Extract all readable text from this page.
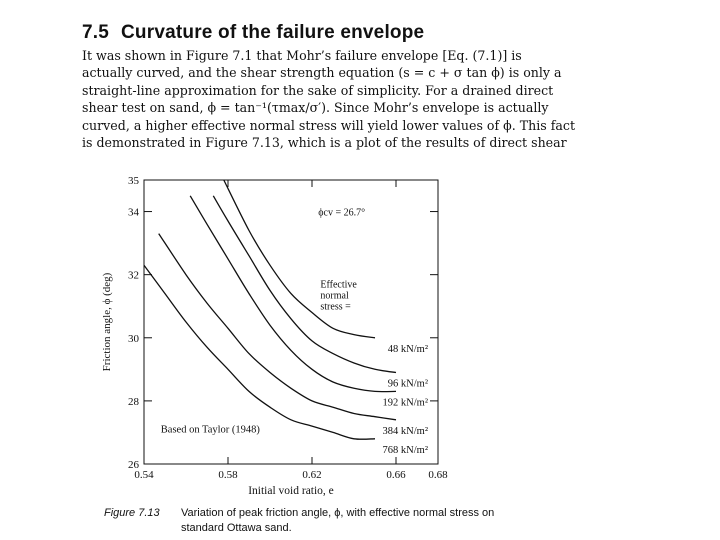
7.5 Curvature of the failure envelope
It was shown in Figure 7.1 that Mohr’s failure envelope [Eq. (7.1)] is
actually curved, and the shear strength equation (s = c + σ tan ϕ) is only a
straight-line approximation for the sake of simplicity. For a drained direct
shear test on sand, ϕ = tan⁻¹(τmax/σ′). Since Mohr’s envelope is actually
curved, a higher effective normal stress will yield lower values of ϕ. This fact
is demonstrated in Figure 7.13, which is a plot of the results of direct shear
0.54	0.58	0.62	0.66 0.68
26
28
30
32
34
35
Initial void ratio, e
Friction angle, ϕ (deg)	48 kN/m²
96 kN/m²
192 kN/m²
384 kN/m²
768 kN/m²
Effective
normal
stress =
ϕcv = 26.7°
Based on Taylor (1948)
Figure 7.13 Variation of peak friction angle, ϕ, with effective normal stress on
standard Ottawa sand.
